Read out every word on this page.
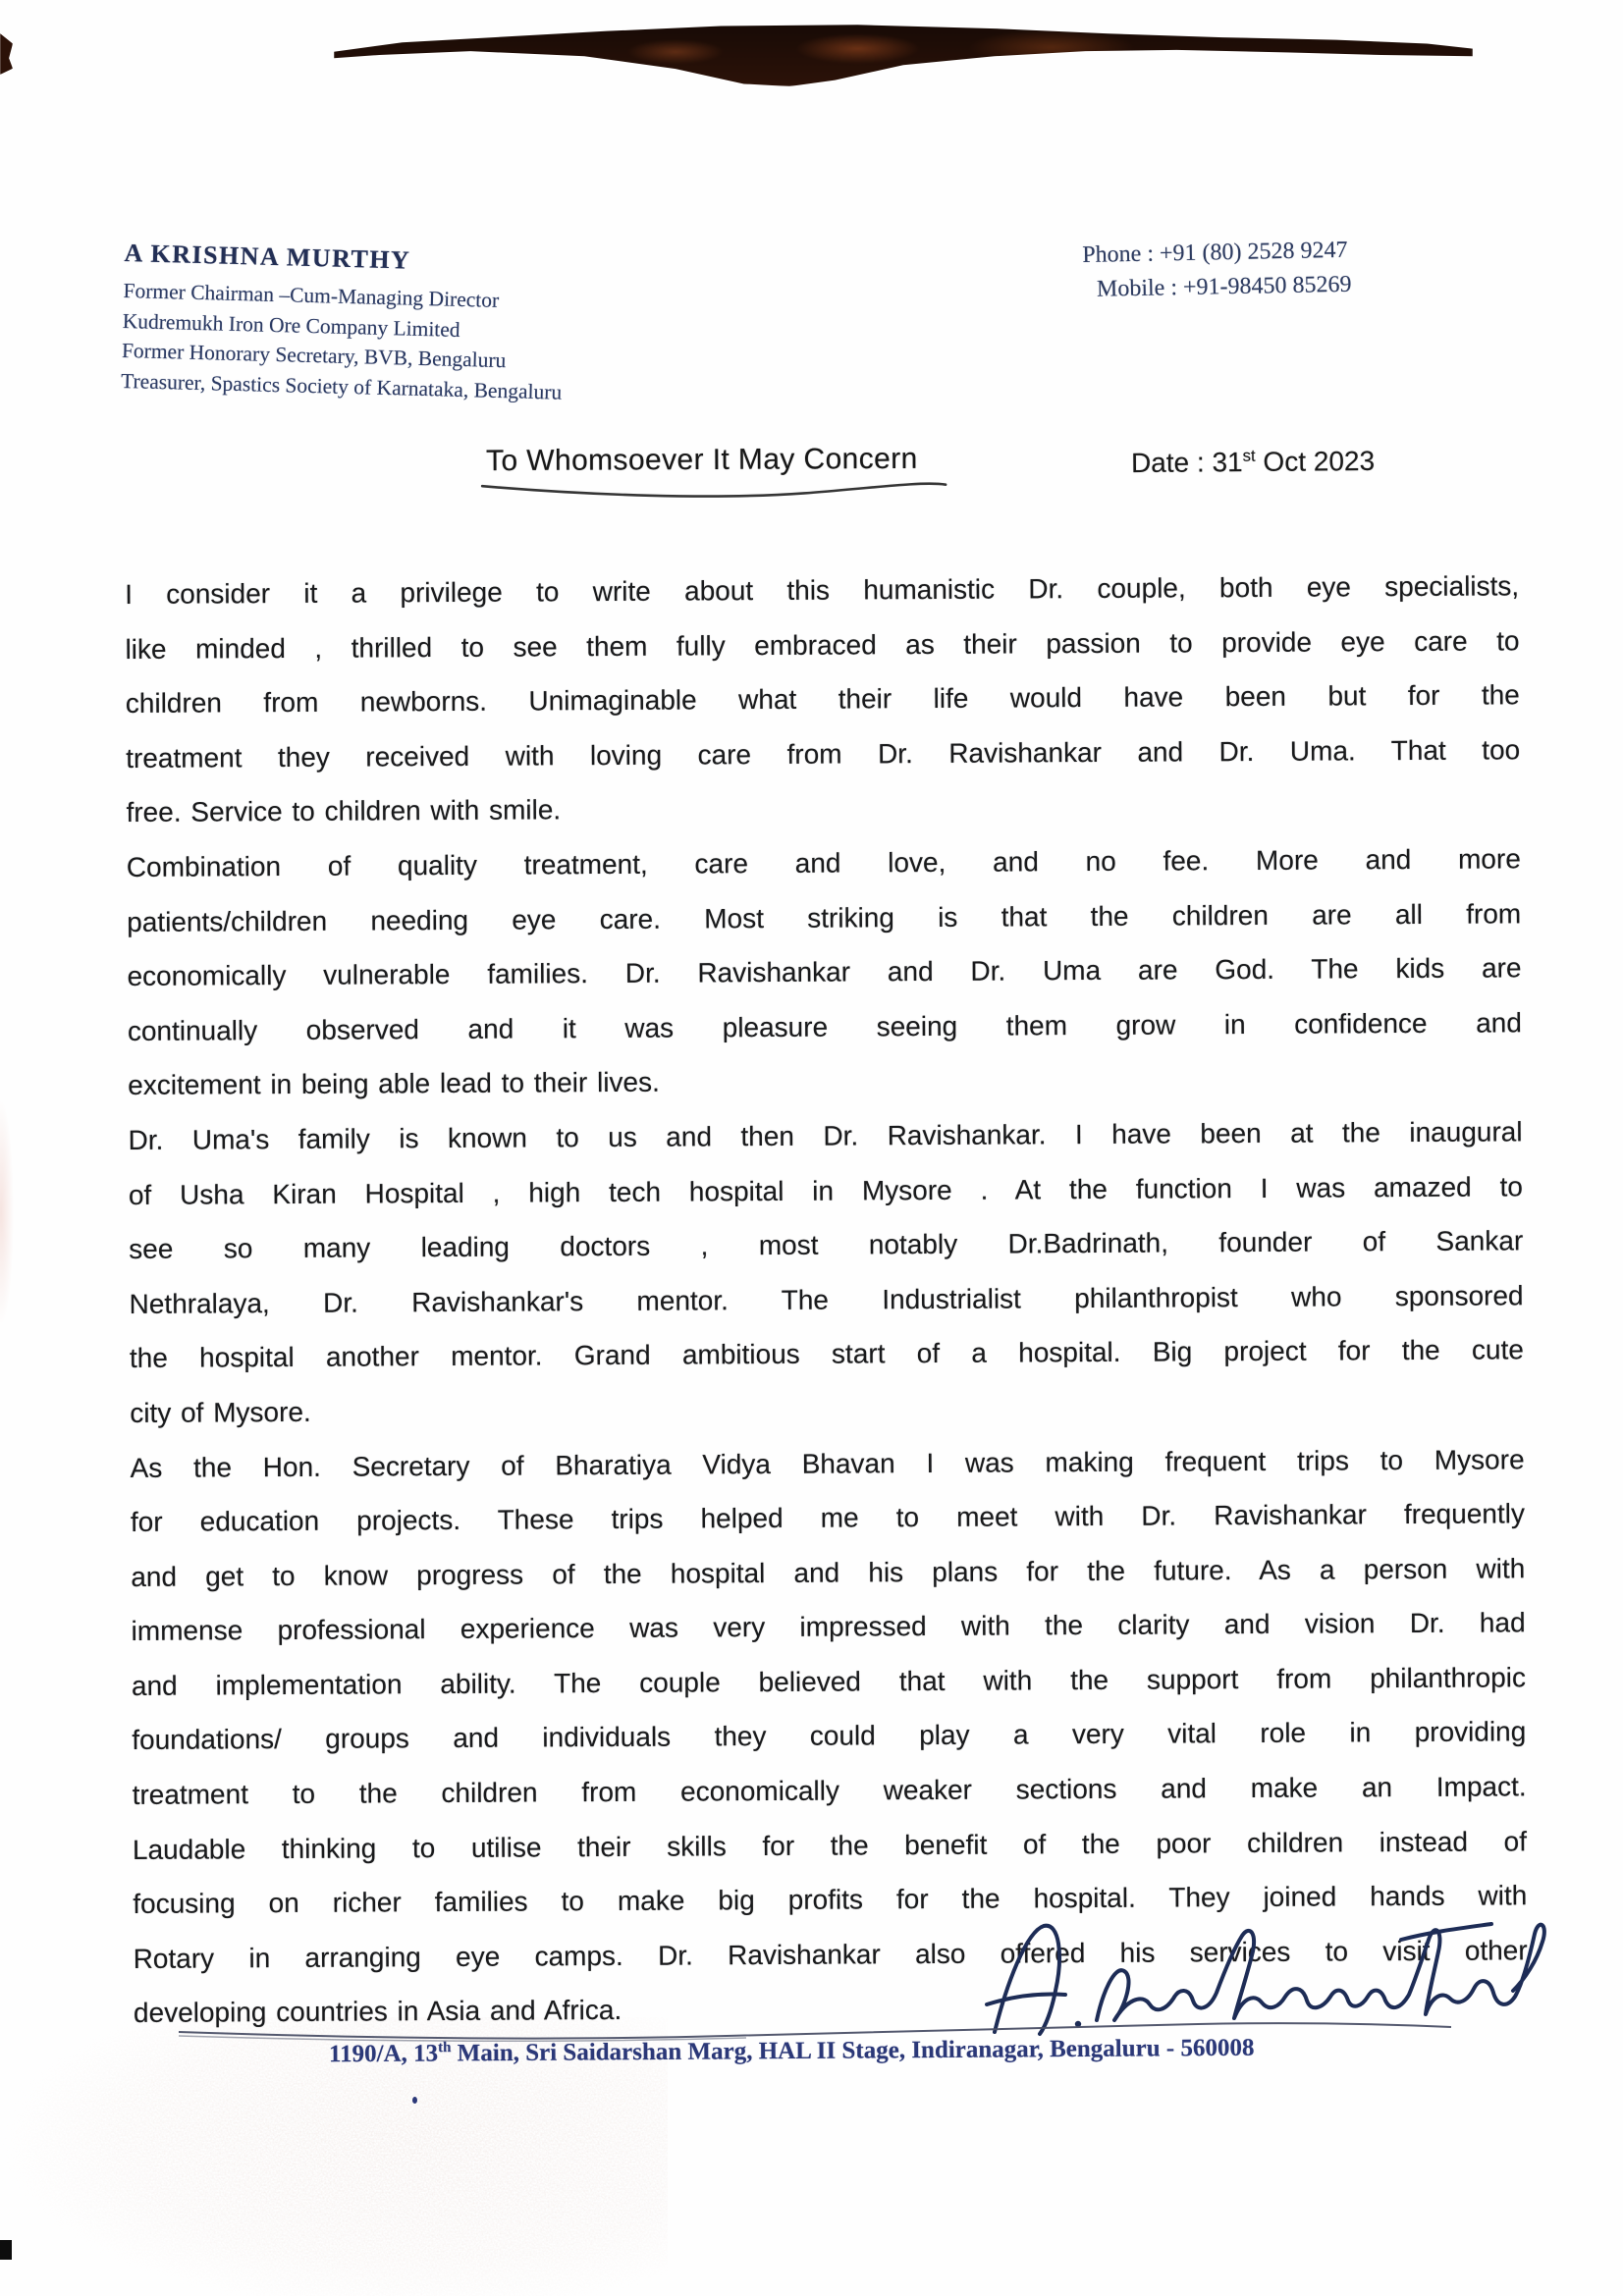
A KRISHNA MURTHY
Former Chairman –Cum-Managing Director
Kudremukh Iron Ore Company Limited
Former Honorary Secretary, BVB, Bengaluru
Treasurer, Spastics Society of Karnataka, Bengaluru
Phone : +91 (80) 2528 9247
Mobile : +91-98450 85269
To Whomsoever It May Concern	Date : 31st Oct 2023
I consider it a privilege to write about this humanistic Dr. couple, both eye specialists,
like minded , thrilled to see them fully embraced as their passion to provide eye care to
children from newborns. Unimaginable what their life would have been but for the
treatment they received with loving care from Dr. Ravishankar and Dr. Uma. That too
free. Service to children with smile.
Combination of quality treatment, care and love, and no fee. More and more
patients/children needing eye care. Most striking is that the children are all from
economically vulnerable families. Dr. Ravishankar and Dr. Uma are God. The kids are
continually observed and it was pleasure seeing them grow in confidence and
excitement in being able lead to their lives.
Dr. Uma's family is known to us and then Dr. Ravishankar. I have been at the inaugural
of Usha Kiran Hospital , high tech hospital in Mysore . At the function I was amazed to
see so many leading doctors , most notably Dr.Badrinath, founder of Sankar
Nethralaya, Dr. Ravishankar's mentor. The Industrialist philanthropist who sponsored
the hospital another mentor. Grand ambitious start of a hospital. Big project for the cute
city of Mysore.
As the Hon. Secretary of Bharatiya Vidya Bhavan I was making frequent trips to Mysore
for education projects. These trips helped me to meet with Dr. Ravishankar frequently
and get to know progress of the hospital and his plans for the future. As a person with
immense professional experience was very impressed with the clarity and vision Dr. had
and implementation ability. The couple believed that with the support from philanthropic
foundations/ groups and individuals they could play a very vital role in providing
treatment to the children from economically weaker sections and make an Impact.
Laudable thinking to utilise their skills for the benefit of the poor children instead of
focusing on richer families to make big profits for the hospital. They joined hands with
Rotary in arranging eye camps. Dr. Ravishankar also offered his services to visit other
developing countries in Asia and Africa.
1190/A, 13th Main, Sri Saidarshan Marg, HAL II Stage, Indiranagar, Bengaluru - 560008
